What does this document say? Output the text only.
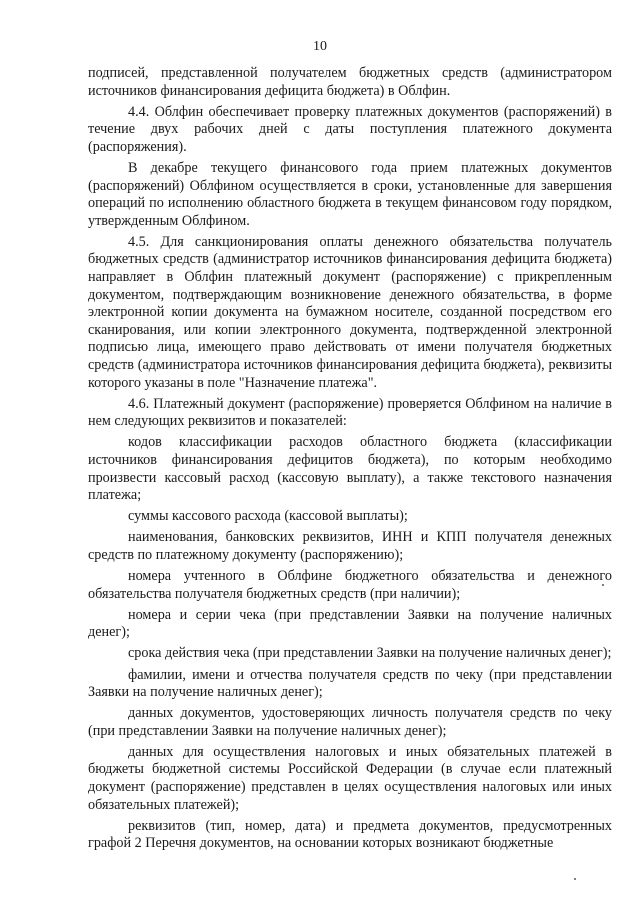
10

подписей, представленной получателем бюджетных средств (администратором источников финансирования дефицита бюджета) в Облфин.

4.4. Облфин обеспечивает проверку платежных документов (распоряжений) в течение двух рабочих дней с даты поступления платежного документа (распоряжения).

В декабре текущего финансового года прием платежных документов (распоряжений) Облфином осуществляется в сроки, установленные для завершения операций по исполнению областного бюджета в текущем финансовом году порядком, утвержденным Облфином.

4.5. Для санкционирования оплаты денежного обязательства получатель бюджетных средств (администратор источников финансирования дефицита бюджета) направляет в Облфин платежный документ (распоряжение) с прикрепленным документом, подтверждающим возникновение денежного обязательства, в форме электронной копии документа на бумажном носителе, созданной посредством его сканирования, или копии электронного документа, подтвержденной электронной подписью лица, имеющего право действовать от имени получателя бюджетных средств (администратора источников финансирования дефицита бюджета), реквизиты которого указаны в поле "Назначение платежа".

4.6. Платежный документ (распоряжение) проверяется Облфином на наличие в нем следующих реквизитов и показателей:

кодов классификации расходов областного бюджета (классификации источников финансирования дефицитов бюджета), по которым необходимо произвести кассовый расход (кассовую выплату), а также текстового назначения платежа;

суммы кассового расхода (кассовой выплаты);

наименования, банковских реквизитов, ИНН и КПП получателя денежных средств по платежному документу (распоряжению);

номера учтенного в Облфине бюджетного обязательства и денежного обязательства получателя бюджетных средств (при наличии);

номера и серии чека (при представлении Заявки на получение наличных денег);

срока действия чека (при представлении Заявки на получение наличных денег);

фамилии, имени и отчества получателя средств по чеку (при представлении Заявки на получение наличных денег);

данных документов, удостоверяющих личность получателя средств по чеку (при представлении Заявки на получение наличных денег);

данных для осуществления налоговых и иных обязательных платежей в бюджеты бюджетной системы Российской Федерации (в случае если платежный документ (распоряжение) представлен в целях осуществления налоговых или иных обязательных платежей);

реквизитов (тип, номер, дата) и предмета документов, предусмотренных графой 2 Перечня документов, на основании которых возникают бюджетные
